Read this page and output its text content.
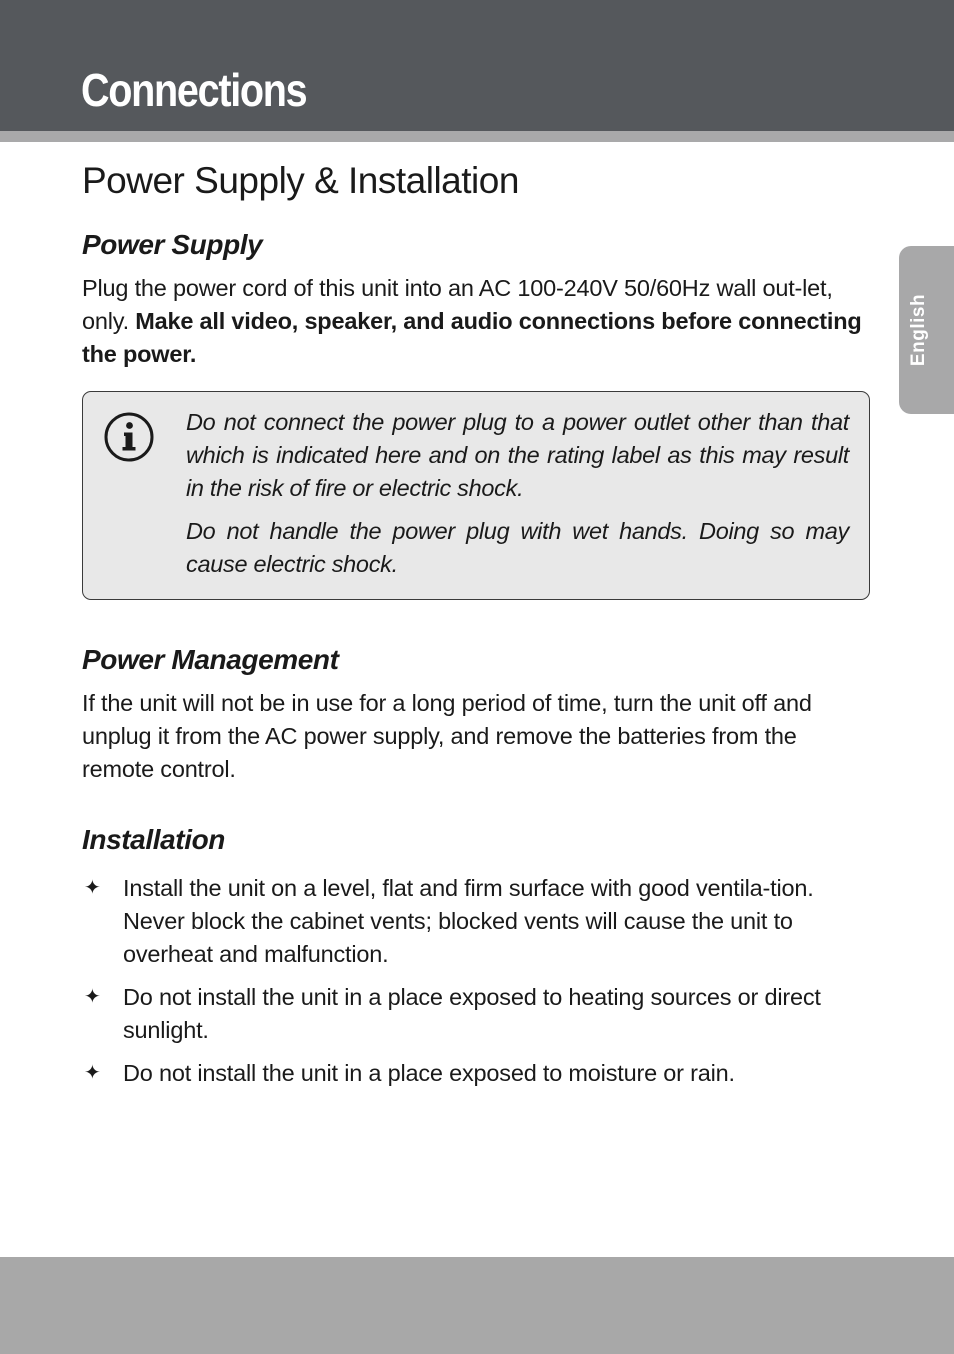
Connections
English
Power Supply & Installation
Power Supply

Plug the power cord of this unit into an AC 100-240V 50/60Hz wall out-let, only. Make all video, speaker, and audio connections before connecting the power.

Do not connect the power plug to a power outlet other than that which is indicated here and on the rating label as this may result in the risk of fire or electric shock.

Do not handle the power plug with wet hands. Doing so may cause electric shock.

Power Management

If the unit will not be in use for a long period of time, turn the unit off and unplug it from the AC power supply, and remove the batteries from the remote control.

Installation
✦ Install the unit on a level, flat and firm surface with good ventila-tion. Never block the cabinet vents; blocked vents will cause the unit to overheat and malfunction.
✦ Do not install the unit in a place exposed to heating sources or direct sunlight.
✦ Do not install the unit in a place exposed to moisture or rain.
